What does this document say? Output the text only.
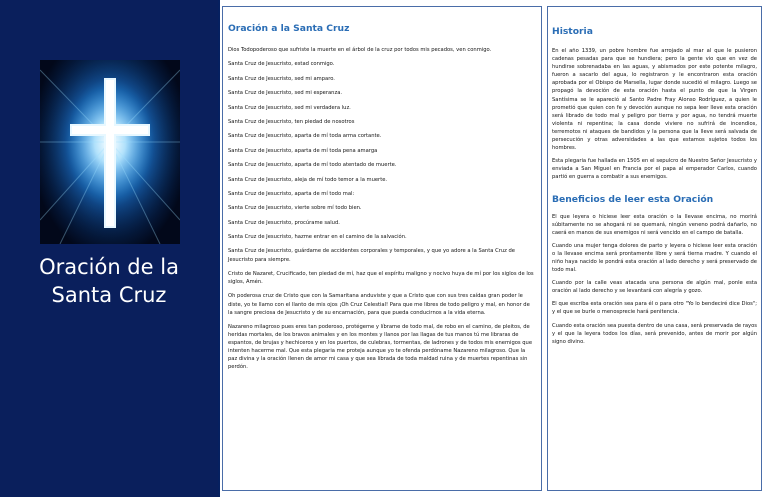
Oración de la
Santa Cruz
Oración a la Santa Cruz

Dios Todopoderoso que sufriste la muerte en el árbol de la cruz por todos mis pecados, ven conmigo.

Santa Cruz de Jesucristo, estad conmigo.

Santa Cruz de Jesucristo, sed mi amparo.

Santa Cruz de Jesucristo, sed mi esperanza.

Santa Cruz de Jesucristo, sed mi verdadera luz.

Santa Cruz de Jesucristo, ten piedad de nosotros

Santa Cruz de Jesucristo, aparta de mí toda arma cortante.

Santa Cruz de Jesucristo, aparta de mí toda pena amarga

Santa Cruz de Jesucristo, aparta de mí todo atentado de muerte.

Santa Cruz de Jesucristo, aleja de mí todo temor a la muerte.

Santa Cruz de Jesucristo, aparta de mí todo mal:

Santa Cruz de Jesucristo, vierte sobre mí todo bien.

Santa Cruz de Jesucristo, procúrame salud.

Santa Cruz de Jesucristo, hazme entrar en el camino de la salvación.

Santa Cruz de Jesucristo, guárdame de accidentes corporales y temporales, y que yo adore a la Santa Cruz de Jesucristo para siempre.

Cristo de Nazaret, Crucificado, ten piedad de mí, haz que el espíritu maligno y nocivo huya de mí por los siglos de los siglos, Amén.

Oh poderosa cruz de Cristo que con la Samaritana anduviste y que a Cristo que con sus tres caídas gran poder le diste, yo te llamo con el llanto de mis ojos ¡Oh Cruz Celestial! Para que me libres de todo peligro y mal, en honor de la sangre preciosa de Jesucristo y de su encarnación, para que pueda conducirnos a la vida eterna.

Nazareno milagroso pues eres tan poderoso, protégeme y líbrame de todo mal, de robo en el camino, de pleitos, de heridas mortales, de los bravos animales y en los montes y llanos por las llagas de tus manos tú me libraras de espantos, de brujas y hechiceros y en los puertos, de culebras, tormentas, de ladrones y de todos mis enemigos que intenten hacerme mal. Que esta plegaria me proteja aunque yo te ofenda perdóname Nazareno milagroso. Que la paz divina y la oración llenen de amor mi casa y que sea librada de toda maldad ruina y de muertes repentinas sin perdón.

Historia

En el año 1339, un pobre hombre fue arrojado al mar al que le pusieron cadenas pesadas para que se hundiera; pero la gente vio que en vez de hundirse sobrenadaba en las aguas, y abismados por este potente milagro, fueron a sacarlo del agua, lo registraron y le encontraron esta oración aprobada por el Obispo de Marsella, lugar donde sucedió el milagro. Luego se propagó la devoción de esta oración hasta el punto de que la Virgen Santísima se le apareció al Santo Padre Fray Alonso Rodríguez, a quien le prometió que quien con fe y devoción aunque no sepa leer lleve esta oración será librado de todo mal y peligro por tierra y por agua, no tendrá muerte violenta ni repentina; la casa donde viviere no sufrirá de incendios, terremotos ni ataques de bandidos y la persona que la lleve será salvada de persecución y otras adversidades a las que estamos sujetos todos los hombres.

Esta plegaria fue hallada en 1505 en el sepulcro de Nuestro Señor Jesucristo y enviada a San Miguel en Francia por el papa al emperador Carlos, cuando partió en guerra a combatir a sus enemigos.

Beneficios de leer esta Oración

El que leyera o hiciese leer esta oración o la llevase encima, no morirá súbitamente no se ahogará ni se quemará, ningún veneno podrá dañarlo, no caerá en manos de sus enemigos ni será vencido en el campo de batalla.

Cuando una mujer tenga dolores de parto y leyera o hiciese leer esta oración o la llevase encima será prontamente libre y será tierna madre. Y cuando el niño haya nacido le pondrá esta oración al lado derecho y será preservado de todo mal.

Cuando por la calle veas atacada una persona de algún mal, ponle esta oración al lado derecho y se levantará con alegría y gozo.

El que escriba esta oración sea para él o para otro "Yo lo bendeciré dice Dios"; y el que se burle o menosprecie hará penitencia.

Cuando esta oración sea puesta dentro de una casa, será preservada de rayos y el que la leyera todos los días, será prevenido, antes de morir por algún signo divino.
